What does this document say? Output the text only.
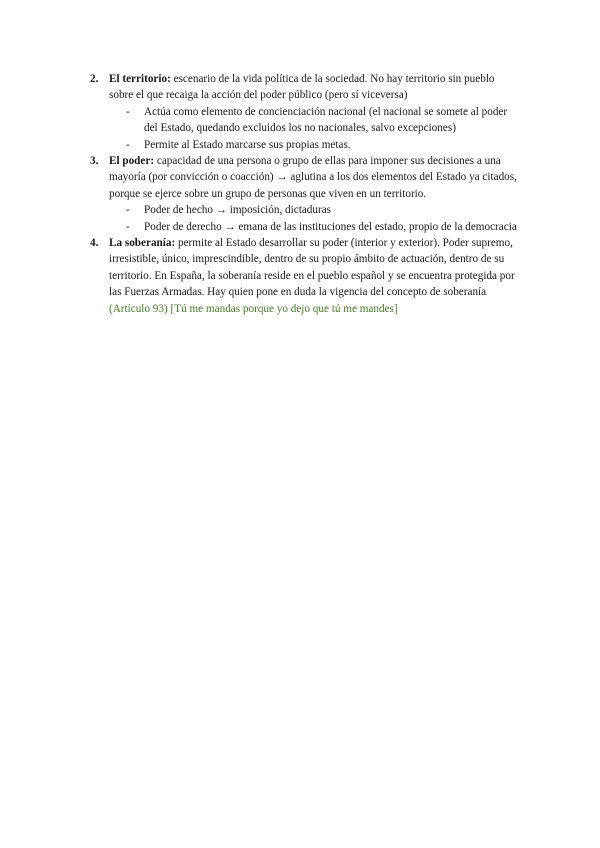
2. El territorio: escenario de la vida política de la sociedad. No hay territorio sin pueblo sobre el que recaiga la acción del poder público (pero sí viceversa)
- Actúa como elemento de concienciación nacional (el nacional se somete al poder del Estado, quedando excluidos los no nacionales, salvo excepciones)
- Permite al Estado marcarse sus propias metas.
3. El poder: capacidad de una persona o grupo de ellas para imponer sus decisiones a una mayoría (por convicción o coacción) → aglutina a los dos elementos del Estado ya citados, porque se ejerce sobre un grupo de personas que viven en un territorio.
- Poder de hecho → imposición, dictaduras
- Poder de derecho → emana de las instituciones del estado, propio de la democracia
4. La soberanía: permite al Estado desarrollar su poder (interior y exterior). Poder supremo, irresistible, único, imprescindible, dentro de su propio ámbito de actuación, dentro de su territorio. En España, la soberanía reside en el pueblo español y se encuentra protegida por las Fuerzas Armadas. Hay quien pone en duda la vigencia del concepto de soberanía (Artículo 93) [Tú me mandas porque yo dejo que tú me mandes]
